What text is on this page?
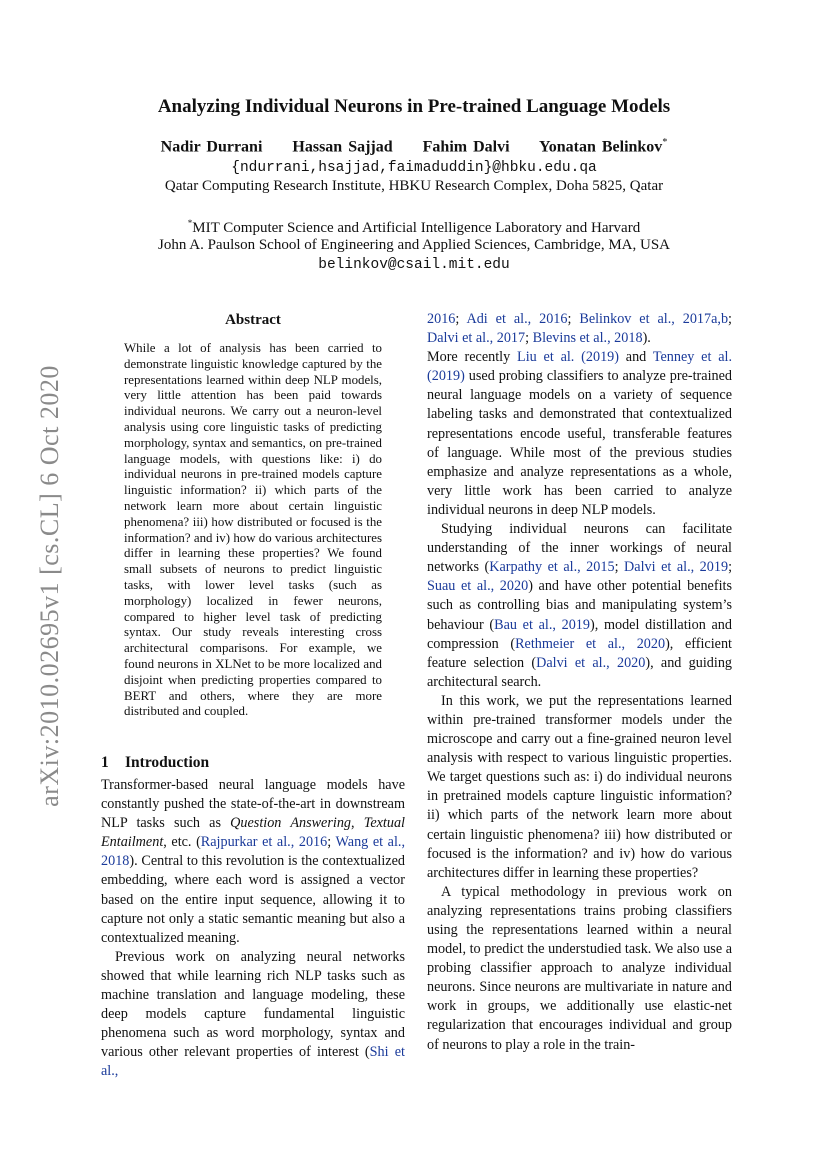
arXiv:2010.02695v1 [cs.CL] 6 Oct 2020
Analyzing Individual Neurons in Pre-trained Language Models
Nadir Durrani Hassan Sajjad Fahim Dalvi Yonatan Belinkov*
{ndurrani,hsajjad,faimaduddin}@hbku.edu.qa
Qatar Computing Research Institute, HBKU Research Complex, Doha 5825, Qatar
*MIT Computer Science and Artificial Intelligence Laboratory and Harvard
John A. Paulson School of Engineering and Applied Sciences, Cambridge, MA, USA
belinkov@csail.mit.edu
Abstract
While a lot of analysis has been carried to demonstrate linguistic knowledge captured by the representations learned within deep NLP models, very little attention has been paid towards individual neurons. We carry out a neuron-level analysis using core linguistic tasks of predicting morphology, syntax and semantics, on pre-trained language models, with questions like: i) do individual neurons in pre-trained models capture linguistic information? ii) which parts of the network learn more about certain linguistic phenomena? iii) how distributed or focused is the information? and iv) how do various architectures differ in learning these properties? We found small subsets of neurons to predict linguistic tasks, with lower level tasks (such as morphology) localized in fewer neurons, compared to higher level task of predicting syntax. Our study reveals interesting cross architectural comparisons. For example, we found neurons in XLNet to be more localized and disjoint when predicting properties compared to BERT and others, where they are more distributed and coupled.
1 Introduction

Transformer-based neural language models have constantly pushed the state-of-the-art in downstream NLP tasks such as Question Answering, Textual Entailment, etc. (Rajpurkar et al., 2016; Wang et al., 2018). Central to this revolution is the contextualized embedding, where each word is assigned a vector based on the entire input sequence, allowing it to capture not only a static semantic meaning but also a contextualized meaning.

Previous work on analyzing neural networks showed that while learning rich NLP tasks such as machine translation and language modeling, these deep models capture fundamental linguistic phenomena such as word morphology, syntax and various other relevant properties of interest (Shi et al.,

2016; Adi et al., 2016; Belinkov et al., 2017a,b; Dalvi et al., 2017; Blevins et al., 2018).

More recently Liu et al. (2019) and Tenney et al. (2019) used probing classifiers to analyze pre-trained neural language models on a variety of sequence labeling tasks and demonstrated that contextualized representations encode useful, transferable features of language. While most of the previous studies emphasize and analyze representations as a whole, very little work has been carried to analyze individual neurons in deep NLP models.

Studying individual neurons can facilitate understanding of the inner workings of neural networks (Karpathy et al., 2015; Dalvi et al., 2019; Suau et al., 2020) and have other potential benefits such as controlling bias and manipulating system’s behaviour (Bau et al., 2019), model distillation and compression (Rethmeier et al., 2020), efficient feature selection (Dalvi et al., 2020), and guiding architectural search.

In this work, we put the representations learned within pre-trained transformer models under the microscope and carry out a fine-grained neuron level analysis with respect to various linguistic properties. We target questions such as: i) do individual neurons in pretrained models capture linguistic information? ii) which parts of the network learn more about certain linguistic phenomena? iii) how distributed or focused is the information? and iv) how do various architectures differ in learning these properties?

A typical methodology in previous work on analyzing representations trains probing classifiers using the representations learned within a neural model, to predict the understudied task. We also use a probing classifier approach to analyze individual neurons. Since neurons are multivariate in nature and work in groups, we additionally use elastic-net regularization that encourages individual and group of neurons to play a role in the train-
